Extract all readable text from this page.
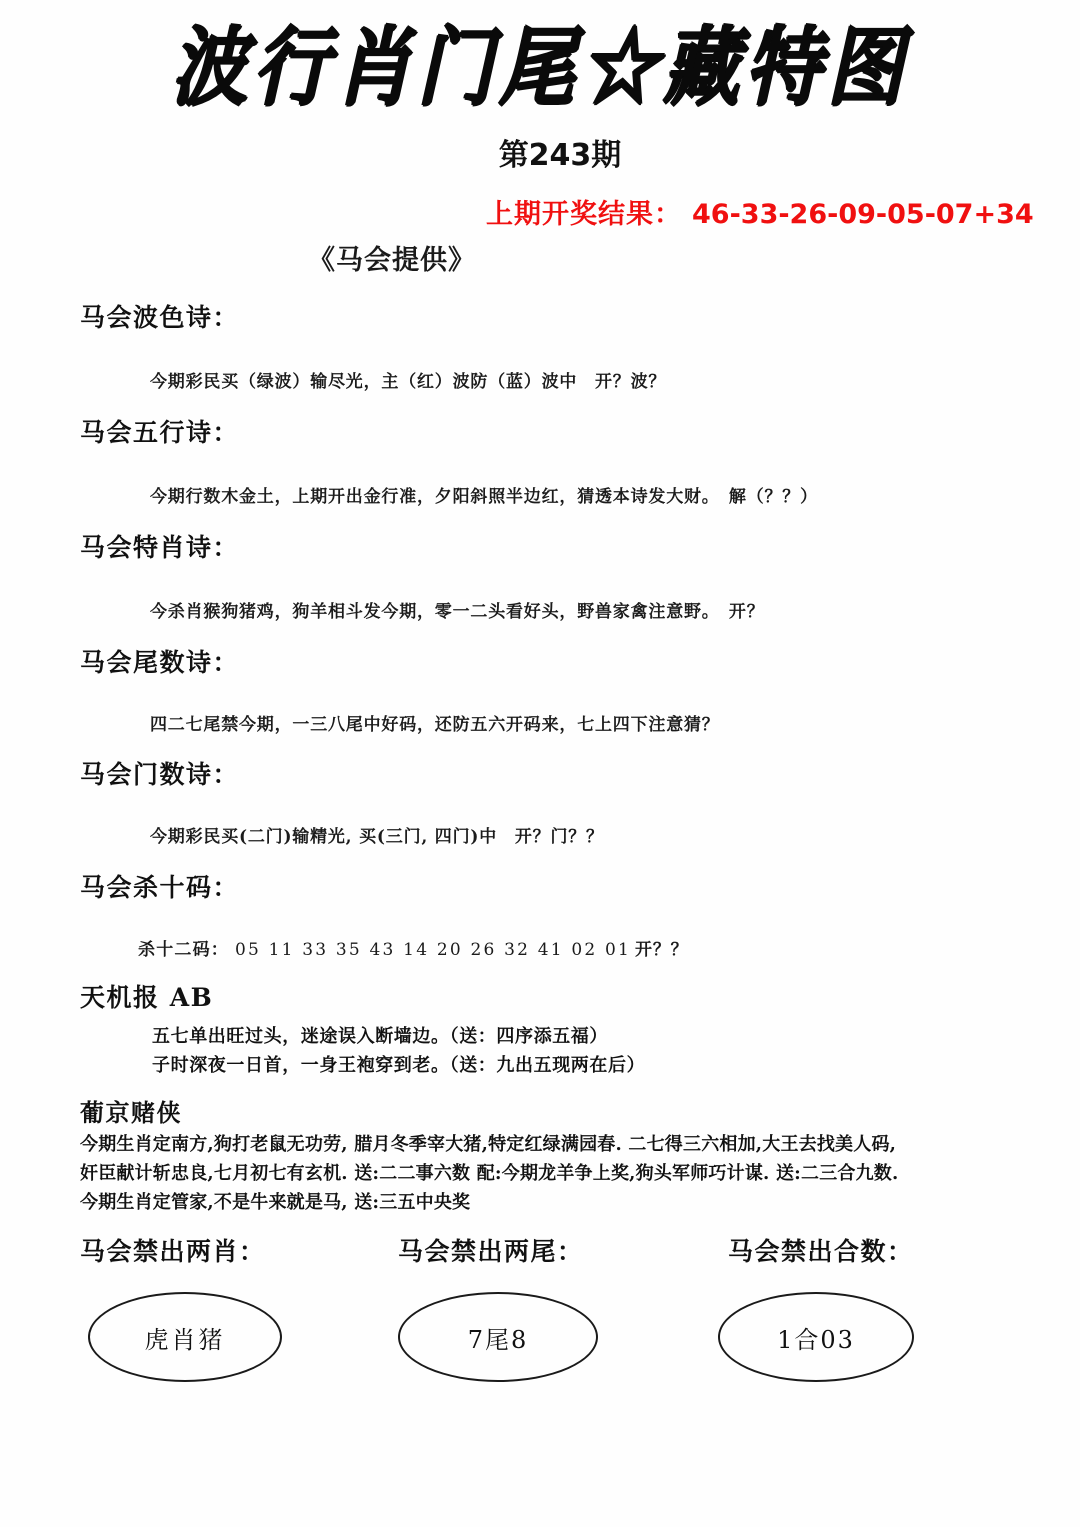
波行肖门尾☆藏特图
第243期
上期开奖结果： 46-33-26-09-05-07+34
《马会提供》
马会波色诗：
今期彩民买（绿波）输尽光，主（红）波防（蓝）波中　开？波？
马会五行诗：
今期行数木金土，上期开出金行准，夕阳斜照半边红，猜透本诗发大财。　解（？？）
马会特肖诗：
今杀肖猴狗猪鸡，狗羊相斗发今期，零一二头看好头，野兽家禽注意野。　开？
马会尾数诗：
四二七尾禁今期，一三八尾中好码，还防五六开码来，七上四下注意猜？
马会门数诗：
今期彩民买(二门)输精光, 买(三门, 四门)中　开？门？？
马会杀十码：
杀十二码： 05 11 33 35 43 14 20 26 32 41 02 01 开？？
天机报 AB
五七单出旺过头，迷途误入断墙边。（送：四序添五福）
子时深夜一日首，一身王袍穿到老。（送：九出五现两在后）
葡京赌侠
今期生肖定南方,狗打老鼠无功劳, 腊月冬季宰大猪,特定红绿满园春. 二七得三六相加,大王去找美人码,
奸臣献计斩忠良,七月初七有玄机. 送:二二事六数 配:今期龙羊争上奖,狗头军师巧计谋. 送:二三合九数.
今期生肖定管家,不是牛来就是马, 送:三五中央奖
马会禁出两肖：	马会禁出两尾：	马会禁出合数：
虎肖猪	7尾8	1合03
